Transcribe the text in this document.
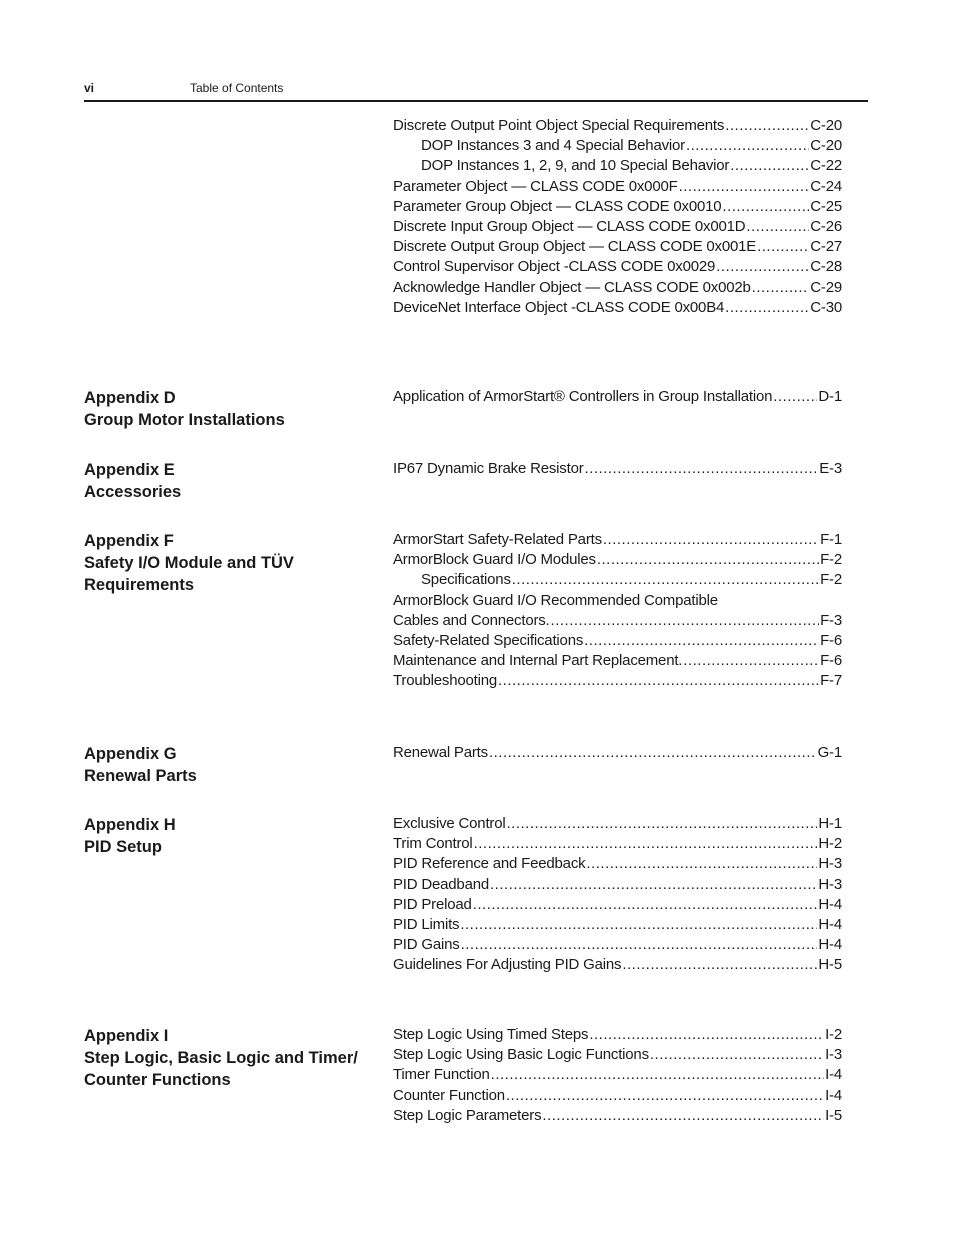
vi	Table of Contents
Discrete Output Point Object Special Requirements .....	C-20
DOP Instances 3 and 4 Special Behavior .....	C-20
DOP Instances 1, 2, 9, and 10 Special Behavior .....	C-22
Parameter Object — CLASS CODE 0x000F .....	C-24
Parameter Group Object — CLASS CODE 0x0010 .....	C-25
Discrete Input Group Object — CLASS CODE 0x001D .....	C-26
Discrete Output Group Object — CLASS CODE 0x001E .....	C-27
Control Supervisor Object -CLASS CODE 0x0029 .....	C-28
Acknowledge Handler Object — CLASS CODE 0x002b .....	C-29
DeviceNet Interface Object -CLASS CODE 0x00B4 .....	C-30
Appendix D
Group Motor Installations
Application of ArmorStart® Controllers in Group Installation .....	D-1
Appendix E
Accessories
IP67 Dynamic Brake Resistor .....	E-3
Appendix F
Safety I/O Module and TÜV
Requirements
ArmorStart Safety-Related Parts .....	F-1
ArmorBlock Guard I/O Modules .....	F-2
Specifications .....	F-2
ArmorBlock Guard I/O Recommended Compatible
Cables and Connectors. .....	F-3
Safety-Related Specifications .....	F-6
Maintenance and Internal Part Replacement. .....	F-6
Troubleshooting .....	F-7
Appendix G
Renewal Parts
Renewal Parts .....	G-1
Appendix H
PID Setup
Exclusive Control .....	H-1
Trim Control .....	H-2
PID Reference and Feedback .....	H-3
PID Deadband .....	H-3
PID Preload .....	H-4
PID Limits .....	H-4
PID Gains .....	H-4
Guidelines For Adjusting PID Gains .....	H-5
Appendix I
Step Logic, Basic Logic and Timer/
Counter Functions
Step Logic Using Timed Steps .....	I-2
Step Logic Using Basic Logic Functions .....	I-3
Timer Function .....	I-4
Counter Function .....	I-4
Step Logic Parameters .....	I-5
